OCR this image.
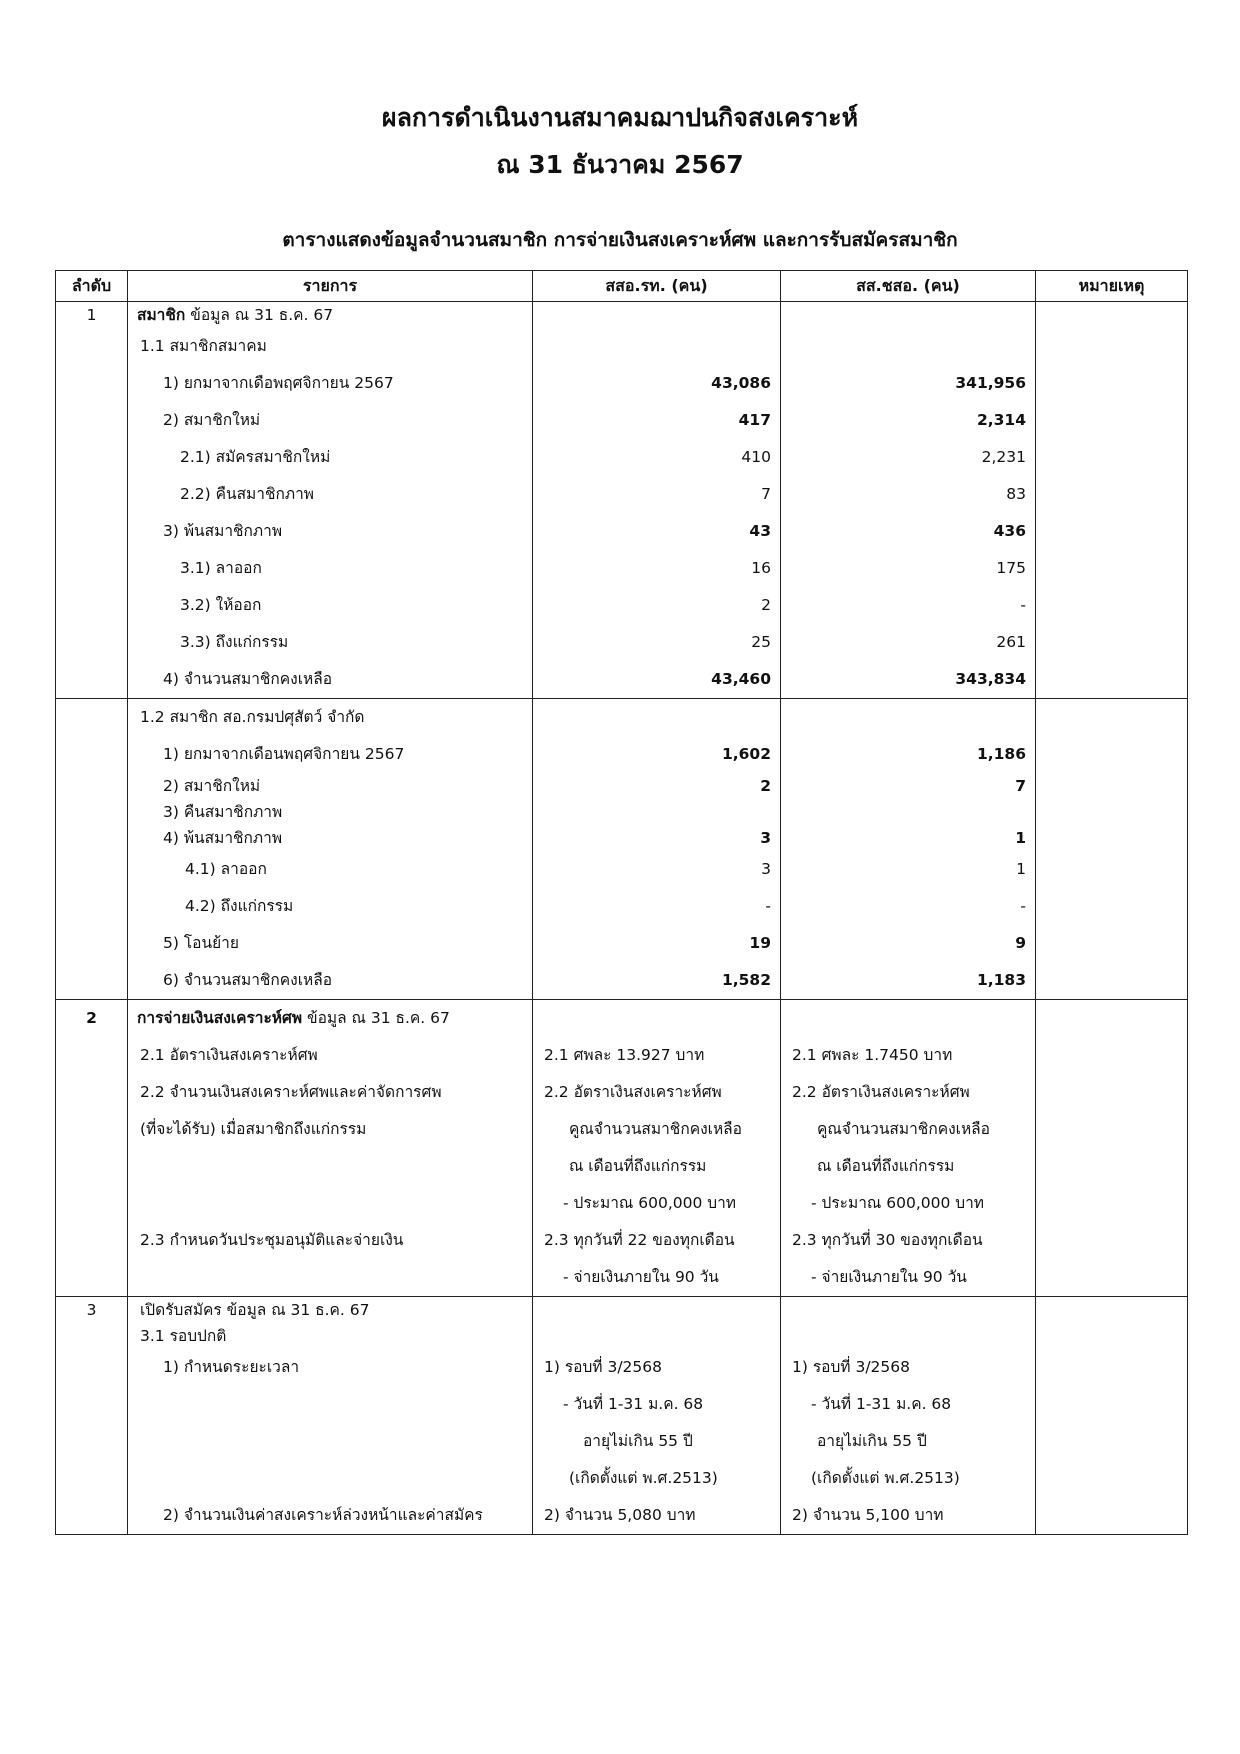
ผลการดำเนินงานสมาคมฌาปนกิจสงเคราะห์
ณ 31 ธันวาคม 2567
ตารางแสดงข้อมูลจำนวนสมาชิก การจ่ายเงินสงเคราะห์ศพ และการรับสมัครสมาชิก
ลำดับ	รายการ	สสอ.รท. (คน)	สส.ชสอ. (คน)	หมายเหตุ
1	สมาชิก ข้อมูล ณ 31 ธ.ค. 67			
	1.1 สมาชิกสมาคม			
	1) ยกมาจากเดือพฤศจิกายน 2567	43,086	341,956	
	2) สมาชิกใหม่	417	2,314	
	2.1) สมัครสมาชิกใหม่	410	2,231	
	2.2) คืนสมาชิกภาพ	7	83	
	3) พ้นสมาชิกภาพ	43	436	
	3.1) ลาออก	16	175	
	3.2) ให้ออก	2	-	
	3.3) ถึงแก่กรรม	25	261	
	4) จำนวนสมาชิกคงเหลือ	43,460	343,834	
	1.2 สมาชิก สอ.กรมปศุสัตว์ จำกัด			
	1) ยกมาจากเดือนพฤศจิกายน 2567	1,602	1,186	
	2) สมาชิกใหม่	2	7	
	3) คืนสมาชิกภาพ			
	4) พ้นสมาชิกภาพ	3	1	
	4.1) ลาออก	3	1	
	4.2) ถึงแก่กรรม	-	-	
	5) โอนย้าย	19	9	
	6) จำนวนสมาชิกคงเหลือ	1,582	1,183	
2	การจ่ายเงินสงเคราะห์ศพ ข้อมูล ณ 31 ธ.ค. 67			
	2.1 อัตราเงินสงเคราะห์ศพ	2.1 ศพละ 13.927 บาท	2.1 ศพละ 1.7450 บาท	
	2.2 จำนวนเงินสงเคราะห์ศพและค่าจัดการศพ	2.2 อัตราเงินสงเคราะห์ศพ	2.2 อัตราเงินสงเคราะห์ศพ	
	(ที่จะได้รับ) เมื่อสมาชิกถึงแก่กรรม	คูณจำนวนสมาชิกคงเหลือ	คูณจำนวนสมาชิกคงเหลือ	
		ณ เดือนที่ถึงแก่กรรม	ณ เดือนที่ถึงแก่กรรม	
		- ประมาณ 600,000 บาท	- ประมาณ 600,000 บาท	
	2.3 กำหนดวันประชุมอนุมัติและจ่ายเงิน	2.3 ทุกวันที่ 22 ของทุกเดือน	2.3 ทุกวันที่ 30 ของทุกเดือน	
		- จ่ายเงินภายใน 90 วัน	- จ่ายเงินภายใน 90 วัน	
3	เปิดรับสมัคร ข้อมูล ณ 31 ธ.ค. 67			
	3.1 รอบปกติ			
	1) กำหนดระยะเวลา	1) รอบที่ 3/2568	1) รอบที่ 3/2568	
		- วันที่ 1-31 ม.ค. 68	- วันที่ 1-31 ม.ค. 68	
		อายุไม่เกิน 55 ปี	อายุไม่เกิน 55 ปี	
		(เกิดตั้งแต่ พ.ศ.2513)	(เกิดตั้งแต่ พ.ศ.2513)	
	2) จำนวนเงินค่าสงเคราะห์ล่วงหน้าและค่าสมัคร	2) จำนวน 5,080 บาท	2) จำนวน 5,100 บาท	
